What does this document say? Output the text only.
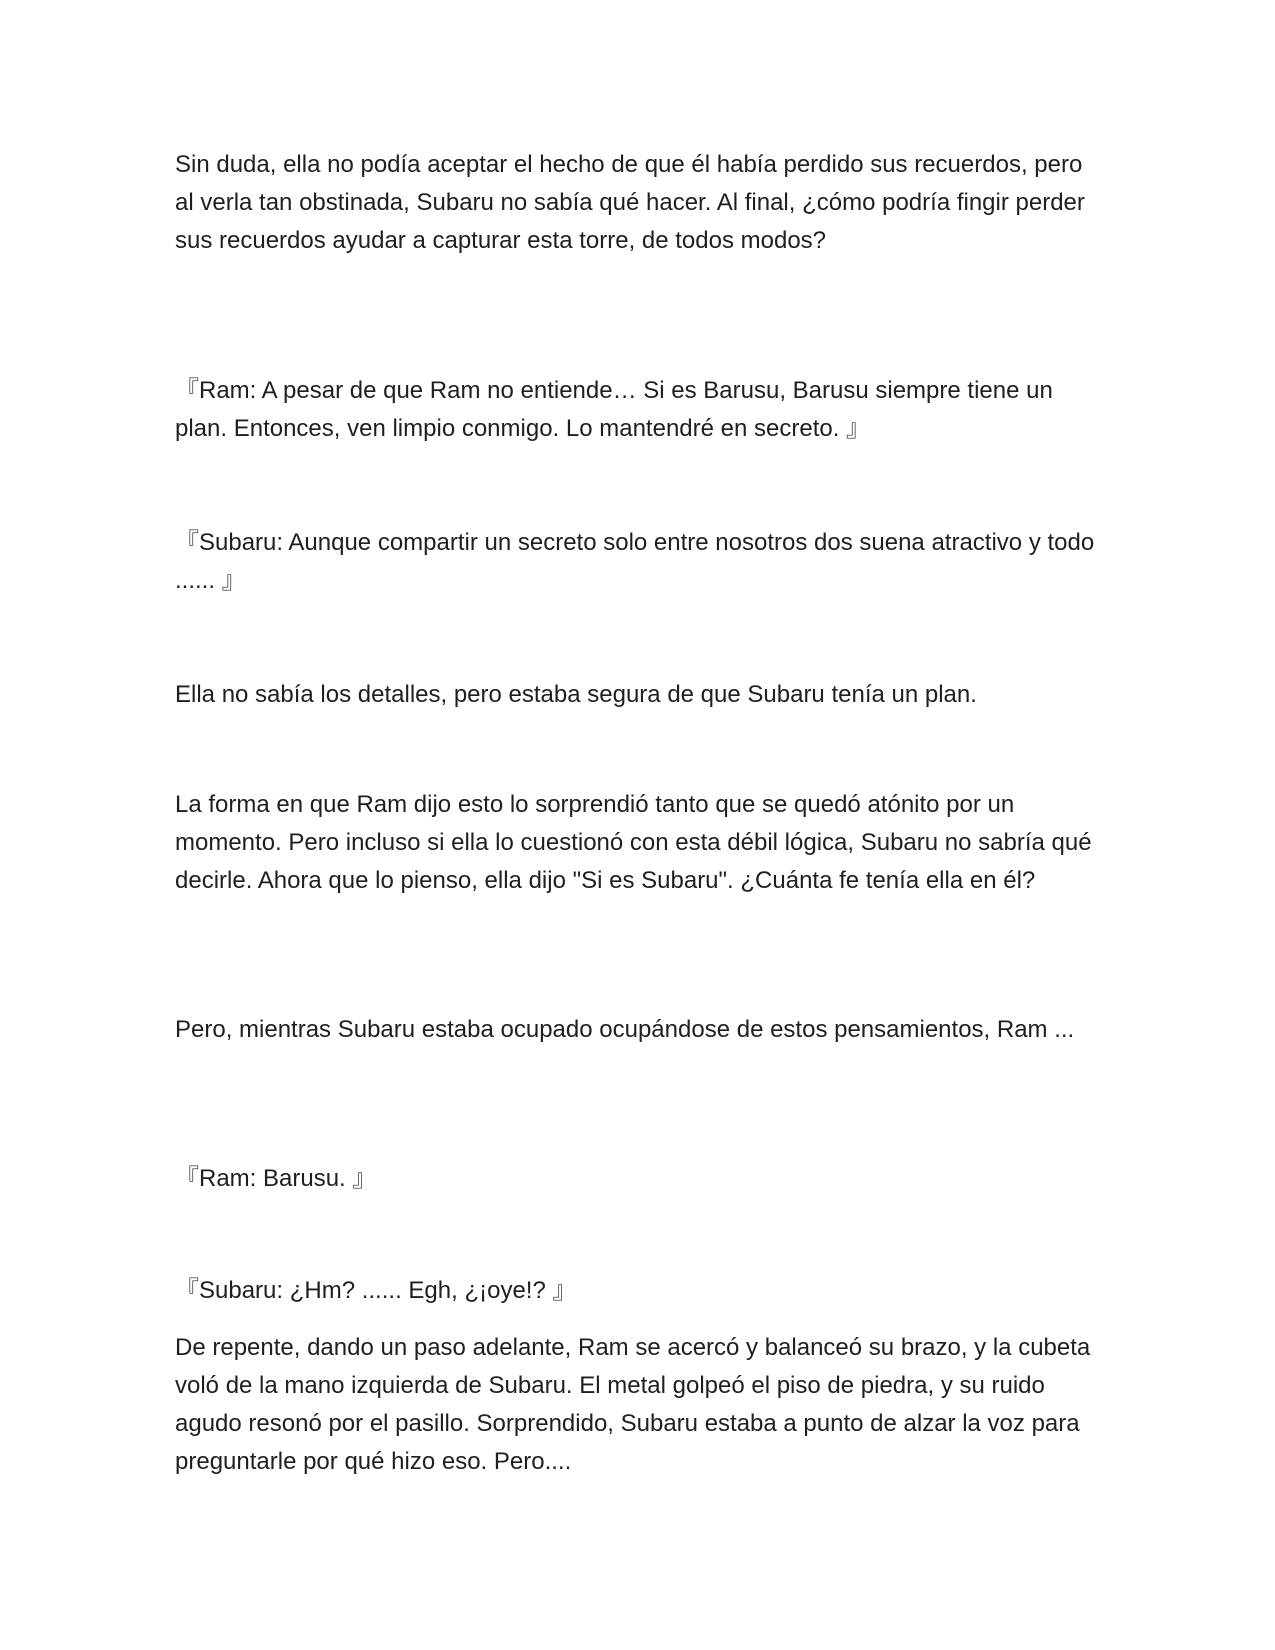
Sin duda, ella no podía aceptar el hecho de que él había perdido sus recuerdos, pero al verla tan obstinada, Subaru no sabía qué hacer. Al final, ¿cómo podría fingir perder sus recuerdos ayudar a capturar esta torre, de todos modos?

『Ram: A pesar de que Ram no entiende… Si es Barusu, Barusu siempre tiene un plan. Entonces, ven limpio conmigo. Lo mantendré en secreto. 』

『Subaru: Aunque compartir un secreto solo entre nosotros dos suena atractivo y todo ...... 』

Ella no sabía los detalles, pero estaba segura de que Subaru tenía un plan.

La forma en que Ram dijo esto lo sorprendió tanto que se quedó atónito por un momento. Pero incluso si ella lo cuestionó con esta débil lógica, Subaru no sabría qué decirle. Ahora que lo pienso, ella dijo "Si es Subaru". ¿Cuánta fe tenía ella en él?

Pero, mientras Subaru estaba ocupado ocupándose de estos pensamientos, Ram ...

『Ram: Barusu. 』

『Subaru: ¿Hm? ...... Egh, ¿¡oye!? 』

De repente, dando un paso adelante, Ram se acercó y balanceó su brazo, y la cubeta voló de la mano izquierda de Subaru. El metal golpeó el piso de piedra, y su ruido agudo resonó por el pasillo. Sorprendido, Subaru estaba a punto de alzar la voz para preguntarle por qué hizo eso. Pero....
